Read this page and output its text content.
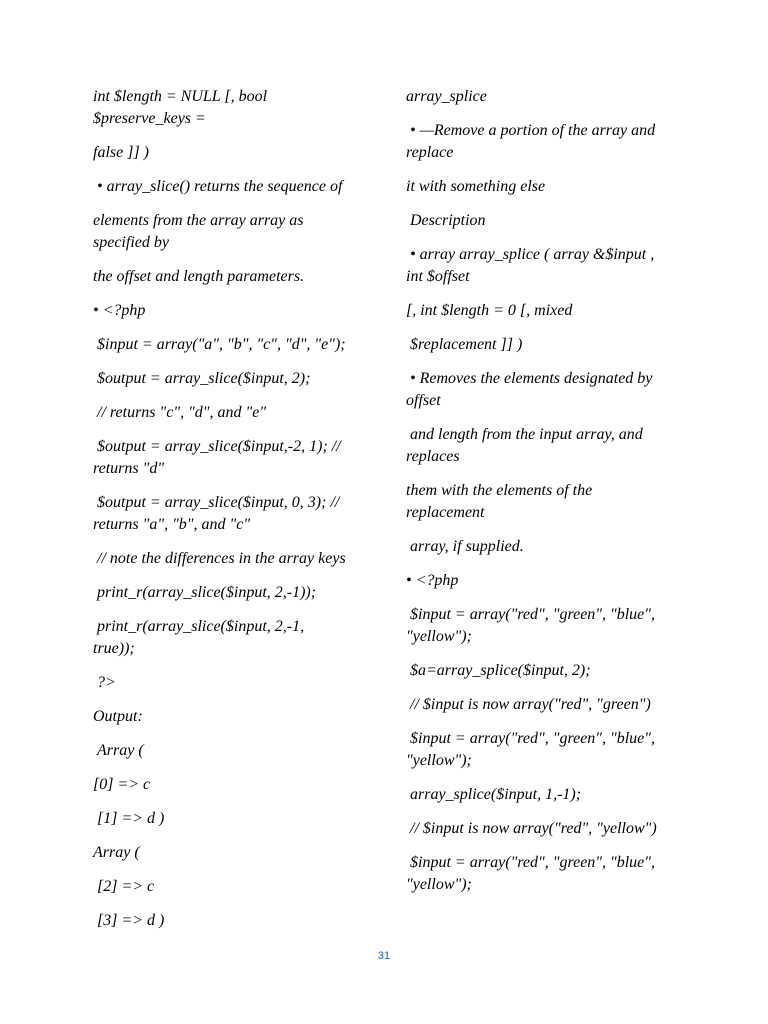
int $length = NULL [, bool
$preserve_keys =

false ]] )

• array_slice() returns the sequence of

elements from the array array as
specified by

the offset and length parameters.

• <?php

$input = array("a", "b", "c", "d", "e");

$output = array_slice($input, 2);

// returns "c", "d", and "e"

$output = array_slice($input,-2, 1); //
returns "d"

$output = array_slice($input, 0, 3); //
returns "a", "b", and "c"

// note the differences in the array keys

print_r(array_slice($input, 2,-1));

print_r(array_slice($input, 2,-1,
true));

?>

Output:

Array (

[0] => c

[1] => d )

Array (

[2] => c

[3] => d )

array_splice

• —Remove a portion of the array and
replace

it with something else

Description

• array array_splice ( array &$input ,
int $offset

[, int $length = 0 [, mixed

$replacement ]] )

• Removes the elements designated by
offset

and length from the input array, and
replaces

them with the elements of the
replacement

array, if supplied.

• <?php

$input = array("red", "green", "blue",
"yellow");

$a=array_splice($input, 2);

// $input is now array("red", "green")

$input = array("red", "green", "blue",
"yellow");

array_splice($input, 1,-1);

// $input is now array("red", "yellow")

$input = array("red", "green", "blue",
"yellow");

31
